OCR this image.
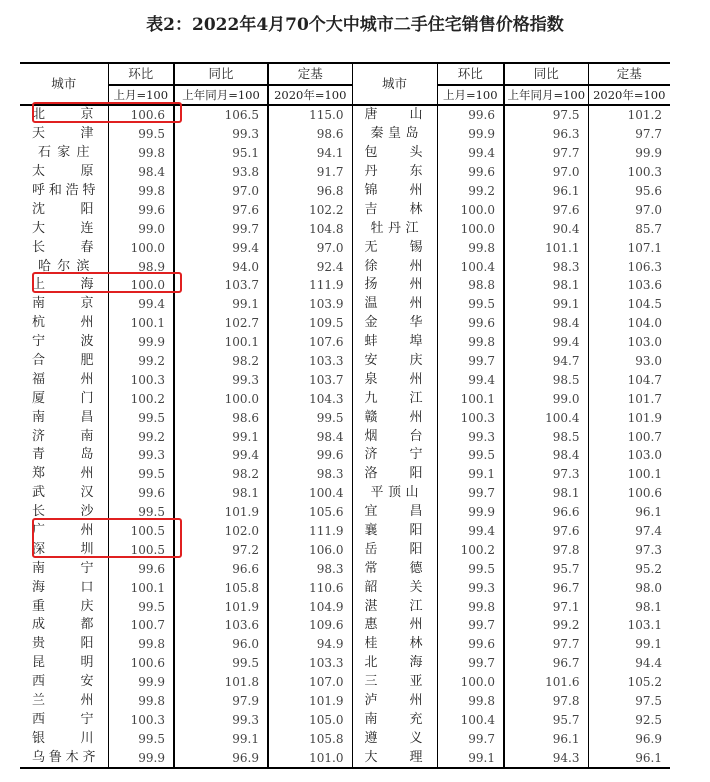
表2：2022年4月70个大中城市二手住宅销售价格指数
城市	环比	同比	定基	城市	环比	同比	定基
	上月=100	上年同月=100	2020年=100		上月=100	上年同月=100	2020年=100
北京	100.6	106.5	115.0	唐山	99.6	97.5	101.2
天津	99.5	99.3	98.6	秦皇岛	99.9	96.3	97.7
石家庄	99.8	95.1	94.1	包头	99.4	97.7	99.9
太原	98.4	93.8	91.7	丹东	99.6	97.0	100.3
呼和浩特	99.8	97.0	96.8	锦州	99.2	96.1	95.6
沈阳	99.6	97.6	102.2	吉林	100.0	97.6	97.0
大连	99.0	99.7	104.8	牡丹江	100.0	90.4	85.7
长春	100.0	99.4	97.0	无锡	99.8	101.1	107.1
哈尔滨	98.9	94.0	92.4	徐州	100.4	98.3	106.3
上海	100.0	103.7	111.9	扬州	98.8	98.1	103.6
南京	99.4	99.1	103.9	温州	99.5	99.1	104.5
杭州	100.1	102.7	109.5	金华	99.6	98.4	104.0
宁波	99.9	100.1	107.6	蚌埠	99.8	99.4	103.0
合肥	99.2	98.2	103.3	安庆	99.7	94.7	93.0
福州	100.3	99.3	103.7	泉州	99.4	98.5	104.7
厦门	100.2	100.0	104.3	九江	100.1	99.0	101.7
南昌	99.5	98.6	99.5	赣州	100.3	100.4	101.9
济南	99.2	99.1	98.4	烟台	99.3	98.5	100.7
青岛	99.3	99.4	99.6	济宁	99.5	98.4	103.0
郑州	99.5	98.2	98.3	洛阳	99.1	97.3	100.1
武汉	99.6	98.1	100.4	平顶山	99.7	98.1	100.6
长沙	99.5	101.9	105.6	宜昌	99.9	96.6	96.1
广州	100.5	102.0	111.9	襄阳	99.4	97.6	97.4
深圳	100.5	97.2	106.0	岳阳	100.2	97.8	97.3
南宁	99.6	96.6	98.3	常德	99.5	95.7	95.2
海口	100.1	105.8	110.6	韶关	99.3	96.7	98.0
重庆	99.5	101.9	104.9	湛江	99.8	97.1	98.1
成都	100.7	103.6	109.6	惠州	99.7	99.2	103.1
贵阳	99.8	96.0	94.9	桂林	99.6	97.7	99.1
昆明	100.6	99.5	103.3	北海	99.7	96.7	94.4
西安	99.9	101.8	107.0	三亚	100.0	101.6	105.2
兰州	99.8	97.9	101.9	泸州	99.8	97.8	97.5
西宁	100.3	99.3	105.0	南充	100.4	95.7	92.5
银川	99.5	99.1	105.8	遵义	99.7	96.1	96.9
乌鲁木齐	99.9	96.9	101.0	大理	99.1	94.3	96.1
